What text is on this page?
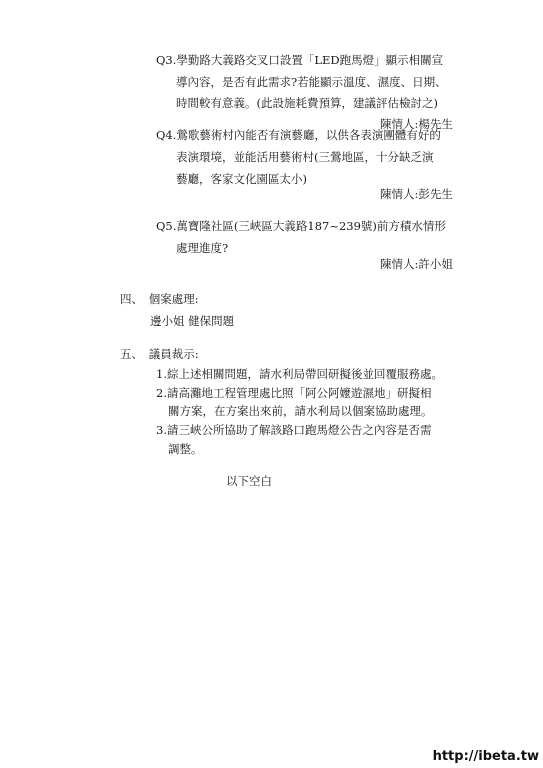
Q3.學勤路大義路交叉口設置「LED跑馬燈」顯示相關宣
導內容，是否有此需求?若能顯示溫度、濕度、日期、
時間較有意義。(此設施耗費預算，建議評估檢討之)
陳情人:楊先生
Q4.鶯歌藝術村內能否有演藝廳，以供各表演團體有好的
表演環境，並能活用藝術村(三鶯地區，十分缺乏演
藝廳，客家文化園區太小)
陳情人:彭先生
Q5.萬寶隆社區(三峽區大義路187~239號)前方積水情形
處理進度?
陳情人:許小姐
四、　個案處理:
邊小姐 健保問題
五、　議員裁示:
1.綜上述相關問題，請水利局帶回研擬後並回覆服務處。
2.請高灘地工程管理處比照「阿公阿嬤遊濕地」研擬相
關方案，在方案出來前，請水利局以個案協助處理。
3.請三峽公所協助了解該路口跑馬燈公告之內容是否需
調整。
以下空白
http://ibeta.tw
